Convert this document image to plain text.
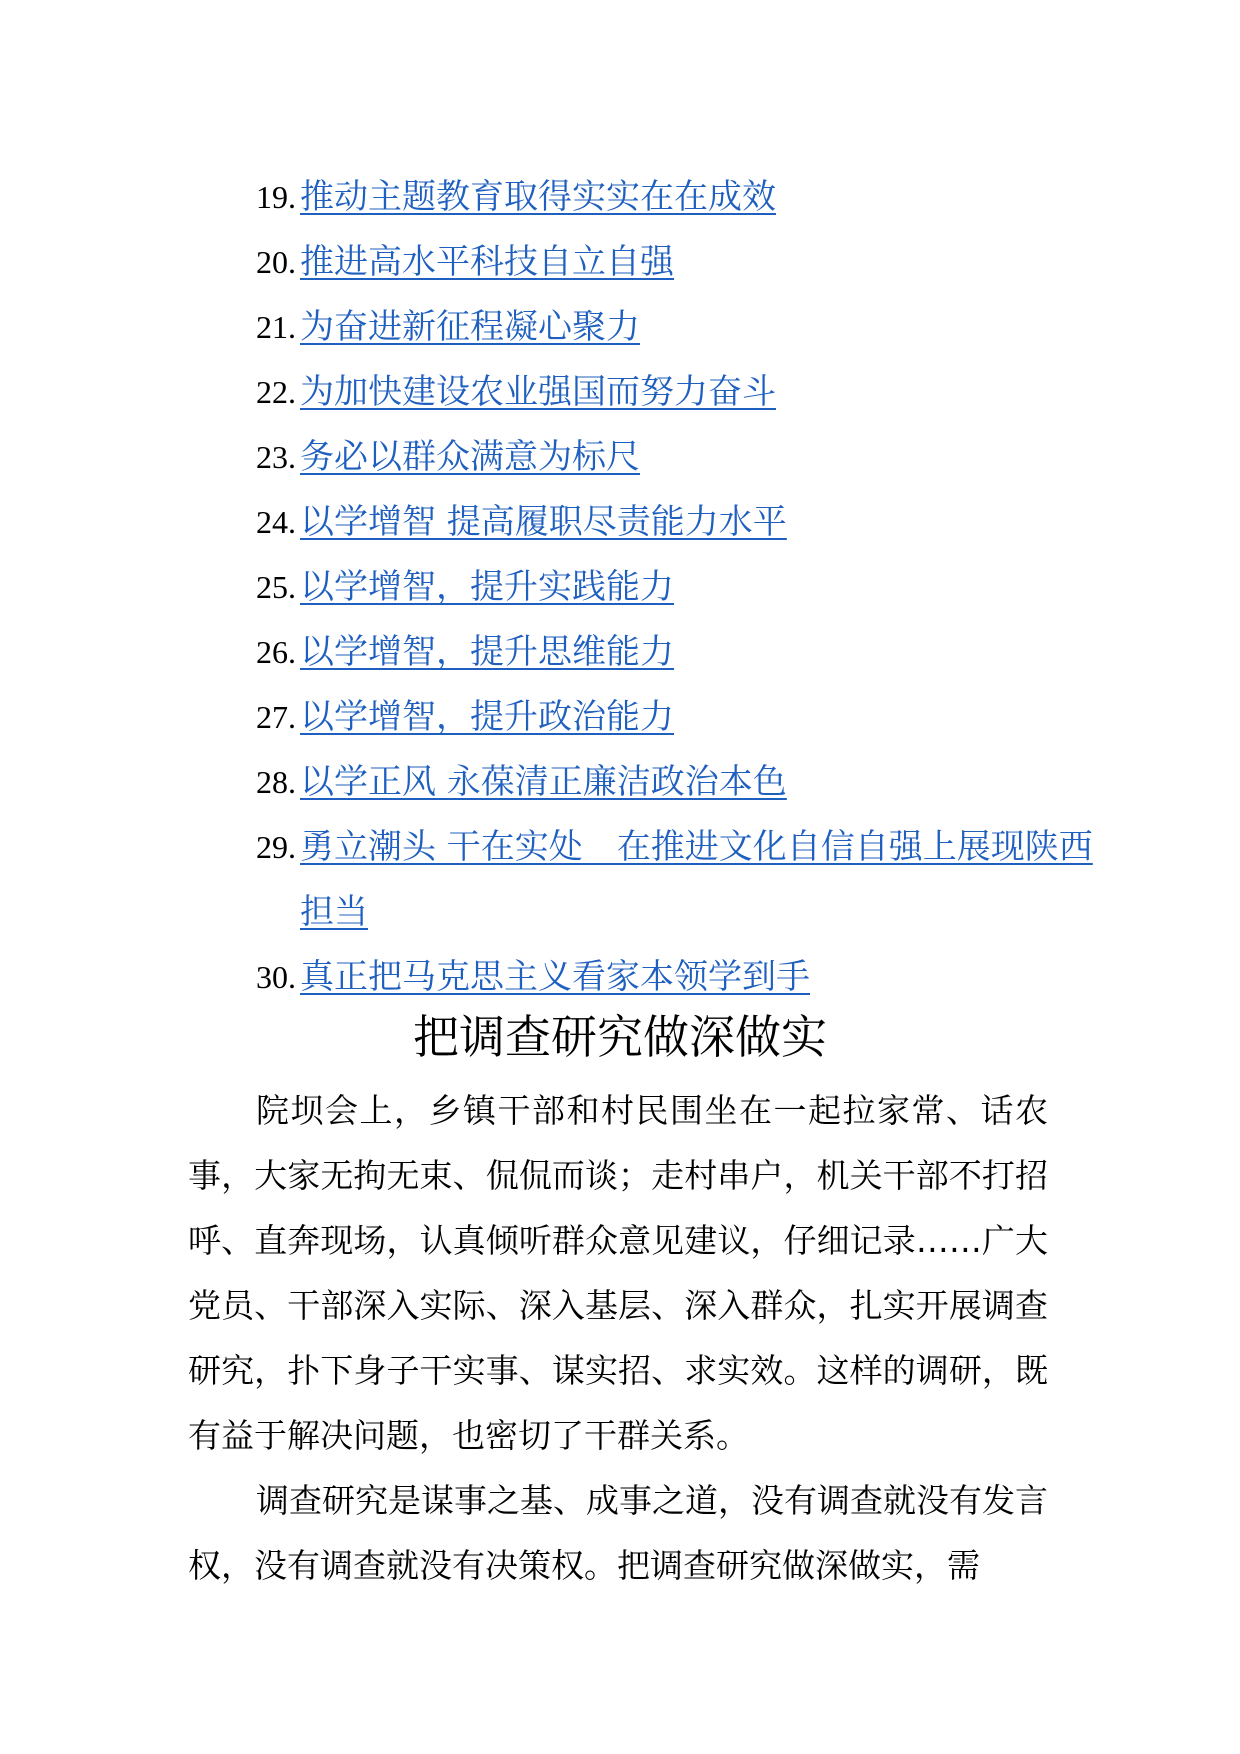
19. 推动主题教育取得实实在在成效
20. 推进高水平科技自立自强
21. 为奋进新征程凝心聚力
22. 为加快建设农业强国而努力奋斗
23. 务必以群众满意为标尺
24. 以学增智 提高履职尽责能力水平
25. 以学增智，提升实践能力
26. 以学增智，提升思维能力
27. 以学增智，提升政治能力
28. 以学正风 永葆清正廉洁政治本色
29. 勇立潮头 干在实处　在推进文化自信自强上展现陕西担当
30. 真正把马克思主义看家本领学到手
把调查研究做深做实

院坝会上，乡镇干部和村民围坐在一起拉家常、话农事，大家无拘无束、侃侃而谈；走村串户，机关干部不打招呼、直奔现场，认真倾听群众意见建议，仔细记录……广大党员、干部深入实际、深入基层、深入群众，扎实开展调查研究，扑下身子干实事、谋实招、求实效。这样的调研，既有益于解决问题，也密切了干群关系。

调查研究是谋事之基、成事之道，没有调查就没有发言权，没有调查就没有决策权。把调查研究做深做实，需
